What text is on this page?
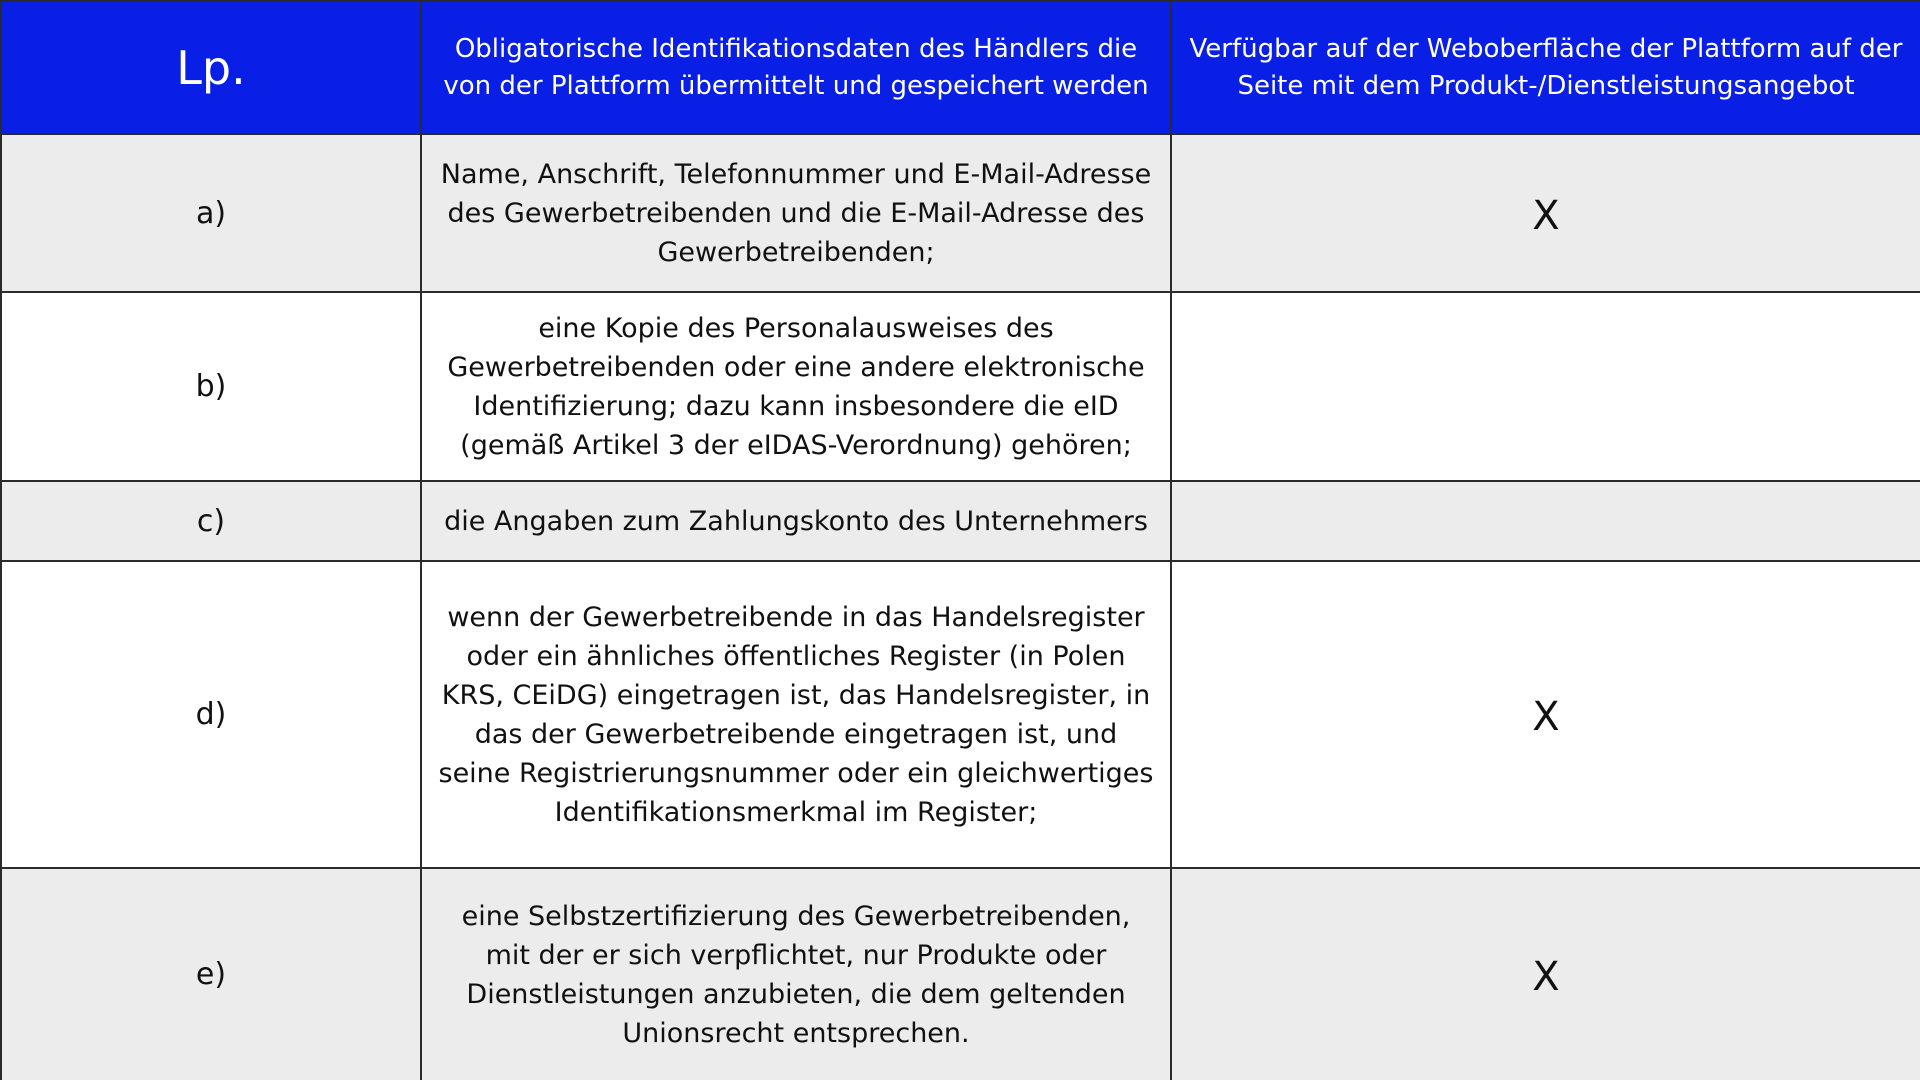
Lp.	Obligatorische Identifikationsdaten des Händlers die von der Plattform übermittelt und gespeichert werden	Verfügbar auf der Weboberfläche der Plattform auf der Seite mit dem Produkt-/Dienstleistungsangebot
a)	Name, Anschrift, Telefonnummer und E-Mail-Adresse des Gewerbetreibenden und die E-Mail-Adresse des Gewerbetreibenden;	X
b)	eine Kopie des Personalausweises des Gewerbetreibenden oder eine andere elektronische Identifizierung; dazu kann insbesondere die eID (gemäß Artikel 3 der eIDAS-Verordnung) gehören;	
c)	die Angaben zum Zahlungskonto des Unternehmers	
d)	wenn der Gewerbetreibende in das Handelsregister oder ein ähnliches öffentliches Register (in Polen KRS, CEiDG) eingetragen ist, das Handelsregister, in das der Gewerbetreibende eingetragen ist, und seine Registrierungsnummer oder ein gleichwertiges Identifikationsmerkmal im Register;	X
e)	eine Selbstzertifizierung des Gewerbetreibenden, mit der er sich verpflichtet, nur Produkte oder Dienstleistungen anzubieten, die dem geltenden Unionsrecht entsprechen.	X
